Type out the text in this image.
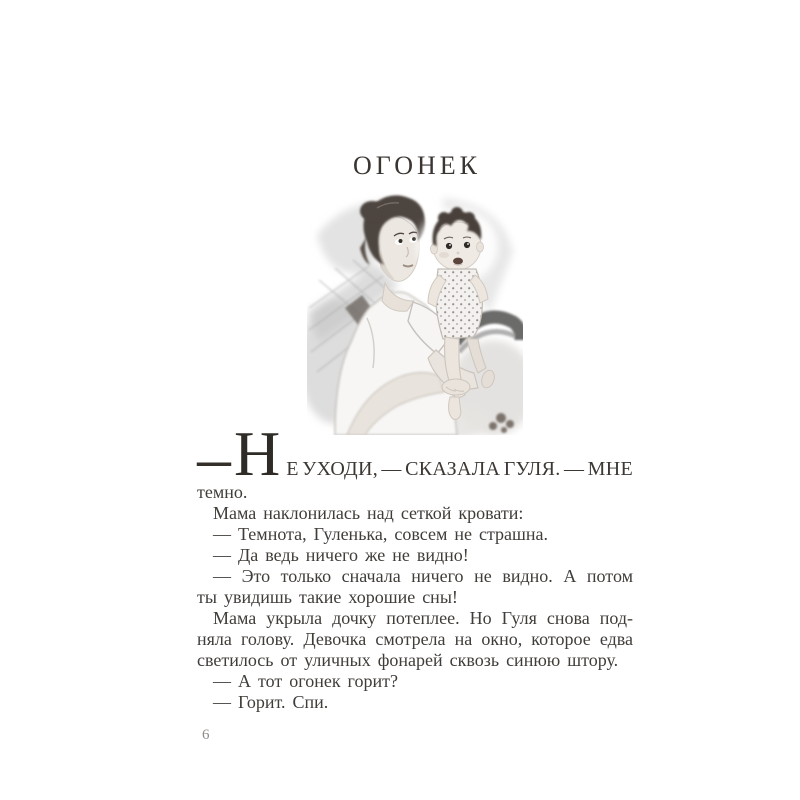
ОГОНЕК
— Н Е УХОДИ, — СКАЗАЛА ГУЛЯ. — МНЕ
темно.
Мама наклонилась над сеткой кровати:
— Темнота, Гуленька, совсем не страшна.
— Да ведь ничего же не видно!
— Это только сначала ничего не видно. А потом
ты увидишь такие хорошие сны!
Мама укрыла дочку потеплее. Но Гуля снова под-
няла голову. Девочка смотрела на окно, которое едва
светилось от уличных фонарей сквозь синюю штору.
— А тот огонек горит?
— Горит. Спи.
6
